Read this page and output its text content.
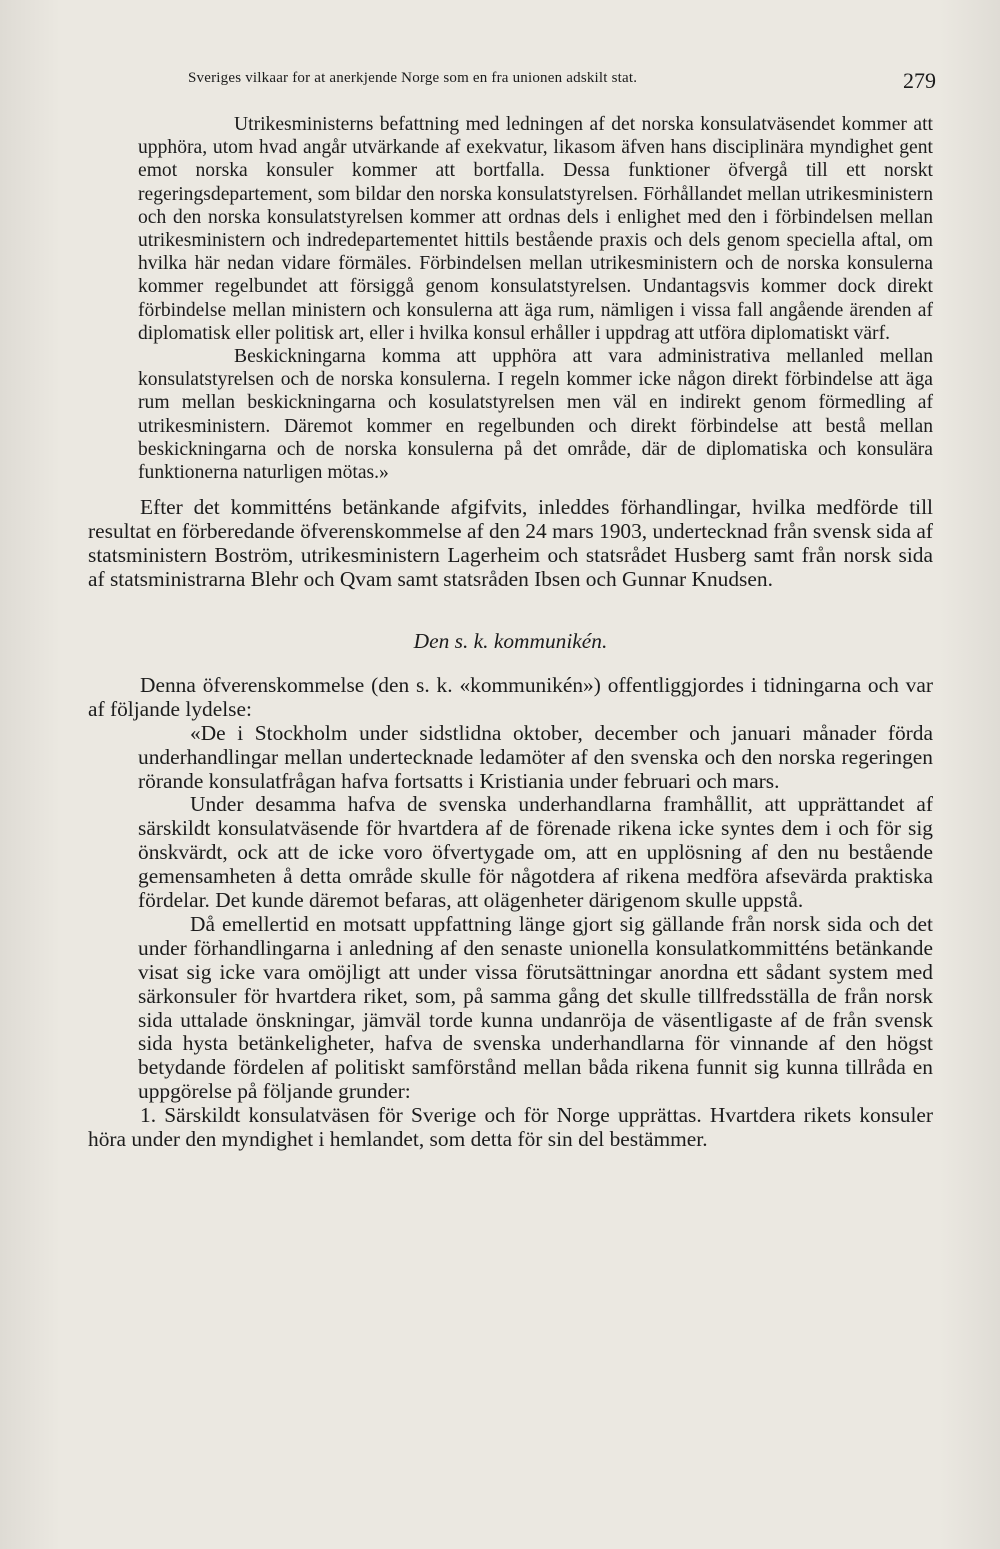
Sveriges vilkaar for at anerkjende Norge som en fra unionen adskilt stat.	279

Utrikesministerns befattning med ledningen af det norska konsulatväsendet kommer att upphöra, utom hvad angår utvärkande af exekvatur, likasom äfven hans disciplinära myndighet gent emot norska konsuler kommer att bortfalla. Dessa funktioner öfvergå till ett norskt regeringsdepartement, som bildar den norska konsulatstyrelsen. Förhållandet mellan utrikesministern och den norska konsulatstyrelsen kommer att ordnas dels i enlighet med den i förbindelsen mellan utrikesministern och indredepartementet hittils bestående praxis och dels genom speciella aftal, om hvilka här nedan vidare förmäles. Förbindelsen mellan utrikesministern och de norska konsulerna kommer regelbundet att försiggå genom konsulatstyrelsen. Undantagsvis kommer dock direkt förbindelse mellan ministern och konsulerna att äga rum, nämligen i vissa fall angående ärenden af diplomatisk eller politisk art, eller i hvilka konsul erhåller i uppdrag att utföra diplomatiskt värf.

Beskickningarna komma att upphöra att vara administrativa mellanled mellan konsulatstyrelsen och de norska konsulerna. I regeln kommer icke någon direkt förbindelse att äga rum mellan beskickningarna och kosulatstyrelsen men väl en indirekt genom förmedling af utrikesministern. Däremot kommer en regelbunden och direkt förbindelse att bestå mellan beskickningarna och de norska konsulerna på det område, där de diplomatiska och konsulära funktionerna naturligen mötas.»

Efter det kommitténs betänkande afgifvits, inleddes förhandlingar, hvilka medförde till resultat en förberedande öfverenskommelse af den 24 mars 1903, undertecknad från svensk sida af statsministern Boström, utrikesministern Lagerheim och statsrådet Husberg samt från norsk sida af statsministrarna Blehr och Qvam samt statsråden Ibsen och Gunnar Knudsen.

Den s. k. kommunikén.

Denna öfverenskommelse (den s. k. «kommunikén») offentliggjordes i tidningarna och var af följande lydelse:

«De i Stockholm under sidstlidna oktober, december och januari månader förda underhandlingar mellan undertecknade ledamöter af den svenska och den norska regeringen rörande konsulatfrågan hafva fortsatts i Kristiania under februari och mars.

Under desamma hafva de svenska underhandlarna framhållit, att upprättandet af särskildt konsulatväsende för hvartdera af de förenade rikena icke syntes dem i och för sig önskvärdt, ock att de icke voro öfvertygade om, att en upplösning af den nu bestående gemensamheten å detta område skulle för någotdera af rikena medföra afsevärda praktiska fördelar. Det kunde däremot befaras, att olägenheter därigenom skulle uppstå.

Då emellertid en motsatt uppfattning länge gjort sig gällande från norsk sida och det under förhandlingarna i anledning af den senaste unionella konsulatkommitténs betänkande visat sig icke vara omöjligt att under vissa förutsättningar anordna ett sådant system med särkonsuler för hvartdera riket, som, på samma gång det skulle tillfredsställa de från norsk sida uttalade önskningar, jämväl torde kunna undanröja de väsentligaste af de från svensk sida hysta betänkeligheter, hafva de svenska underhandlarna för vinnande af den högst betydande fördelen af politiskt samförstånd mellan båda rikena funnit sig kunna tillråda en uppgörelse på följande grunder:

1. Särskildt konsulatväsen för Sverige och för Norge upprättas. Hvartdera rikets konsuler höra under den myndighet i hemlandet, som detta för sin del bestämmer.
